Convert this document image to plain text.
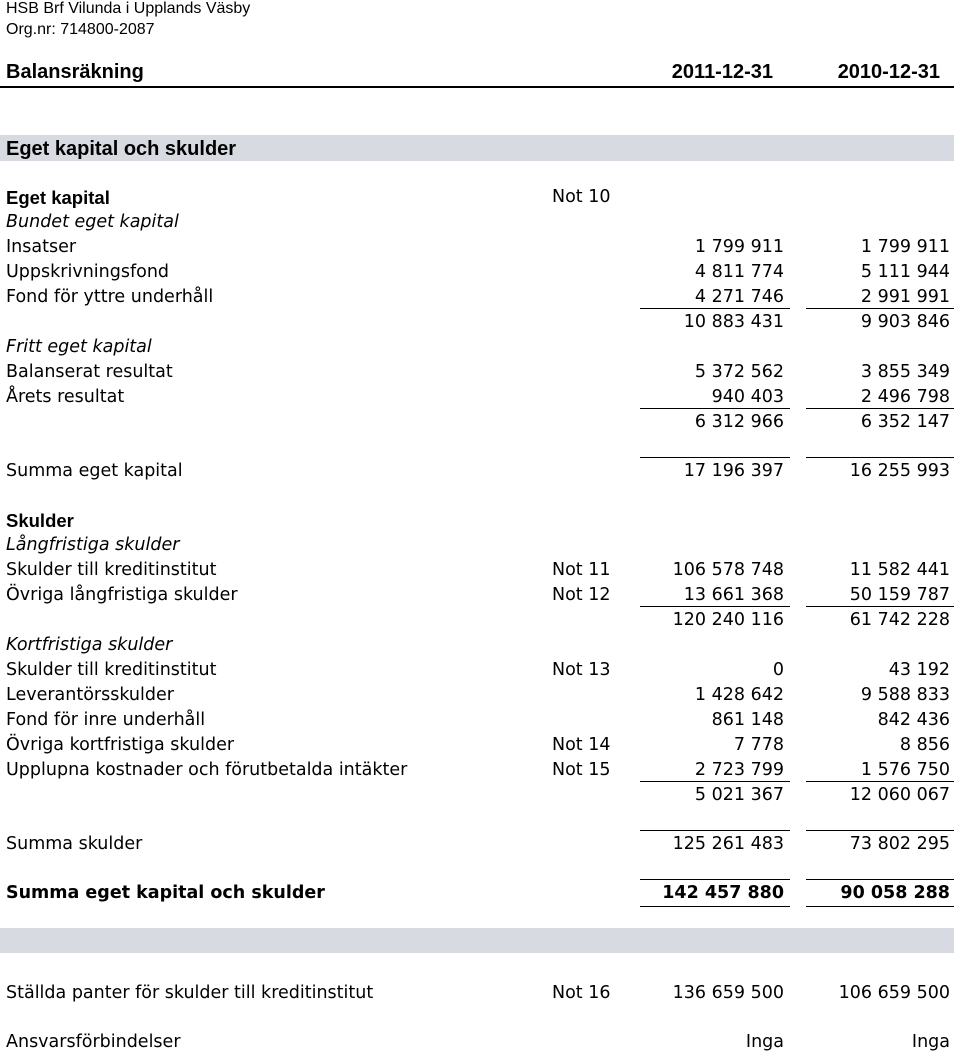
HSB Brf Vilunda i Upplands Väsby
Org.nr: 714800-2087
Balansräkning	2011-12-31	2010-12-31
Eget kapital och skulder
Eget kapital	Not 10
Bundet eget kapital
Insatser	1 799 911	1 799 911
Uppskrivningsfond	4 811 774	5 111 944
Fond för yttre underhåll	4 271 746	2 991 991
10 883 431	9 903 846
Fritt eget kapital
Balanserat resultat	5 372 562	3 855 349
Årets resultat	940 403	2 496 798
6 312 966	6 352 147
Summa eget kapital	17 196 397	16 255 993
Skulder
Långfristiga skulder
Skulder till kreditinstitut	Not 11	106 578 748	11 582 441
Övriga långfristiga skulder	Not 12	13 661 368	50 159 787
120 240 116	61 742 228
Kortfristiga skulder
Skulder till kreditinstitut	Not 13	0	43 192
Leverantörsskulder	1 428 642	9 588 833
Fond för inre underhåll	861 148	842 436
Övriga kortfristiga skulder	Not 14	7 778	8 856
Upplupna kostnader och förutbetalda intäkter	Not 15	2 723 799	1 576 750
5 021 367	12 060 067
Summa skulder	125 261 483	73 802 295
Summa eget kapital och skulder	142 457 880	90 058 288
Ställda panter för skulder till kreditinstitut	Not 16	136 659 500	106 659 500
Ansvarsförbindelser	Inga	Inga
